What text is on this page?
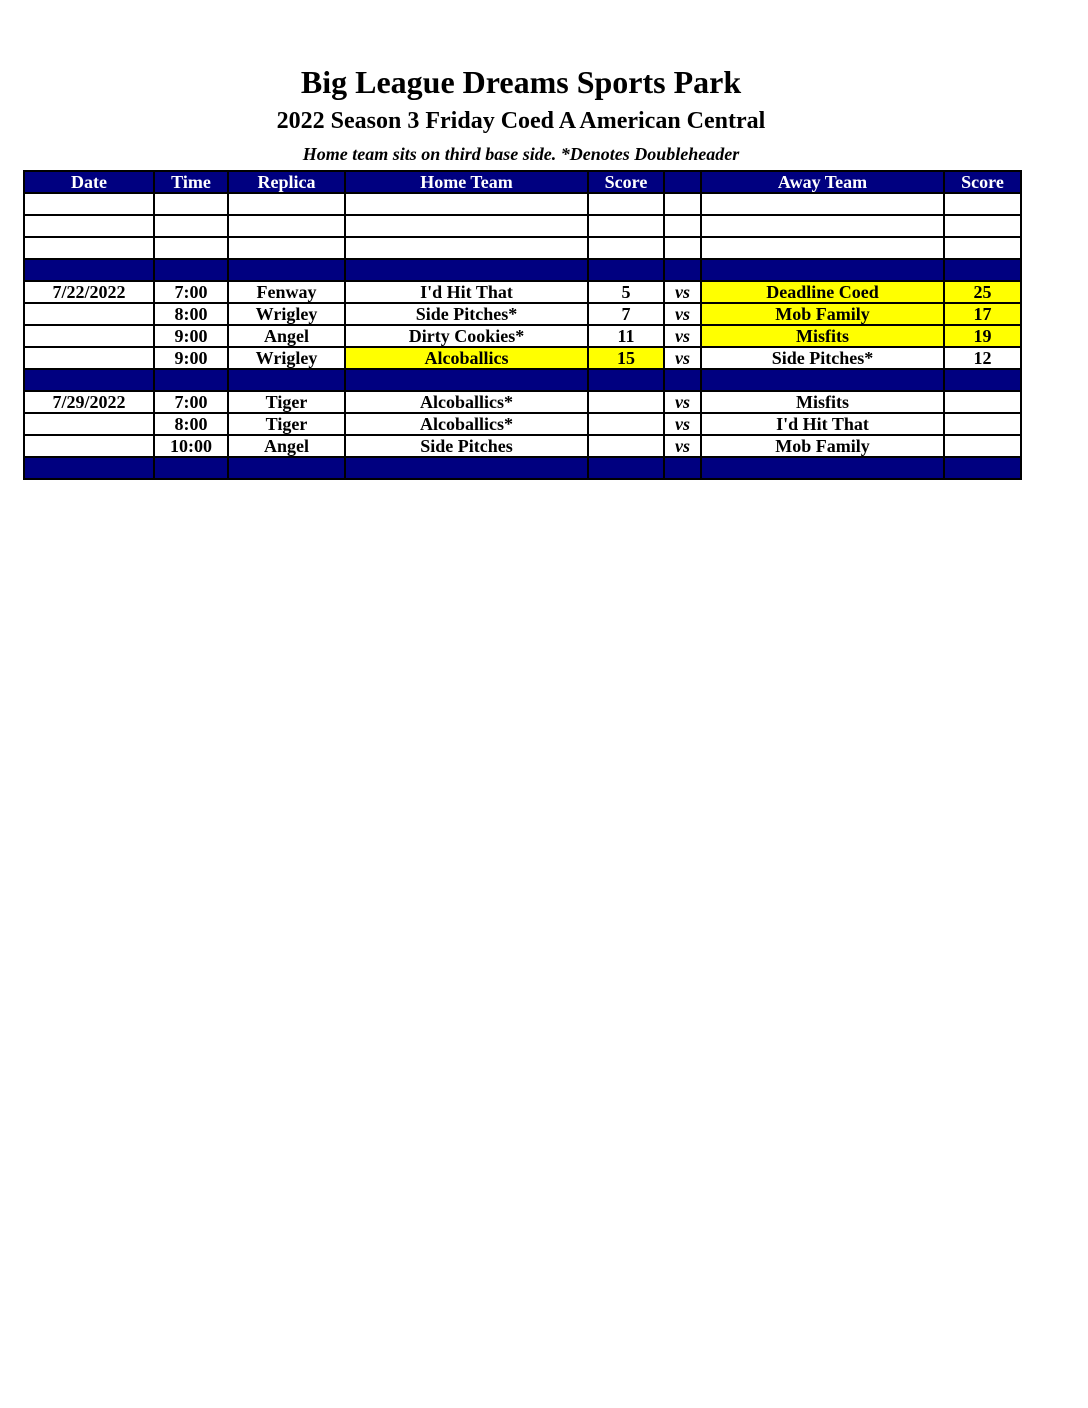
Big League Dreams Sports Park
2022 Season 3 Friday Coed A American Central
Home team sits on third base side. *Denotes Doubleheader
Date	Time	Replica	Home Team	Score		Away Team	Score

7/22/2022	7:00	Fenway	I'd Hit That	5	vs	Deadline Coed	25
	8:00	Wrigley	Side Pitches*	7	vs	Mob Family	17
	9:00	Angel	Dirty Cookies*	11	vs	Misfits	19
	9:00	Wrigley	Alcoballics	15	vs	Side Pitches*	12

7/29/2022	7:00	Tiger	Alcoballics*		vs	Misfits	
	8:00	Tiger	Alcoballics*		vs	I'd Hit That	
	10:00	Angel	Side Pitches		vs	Mob Family	
